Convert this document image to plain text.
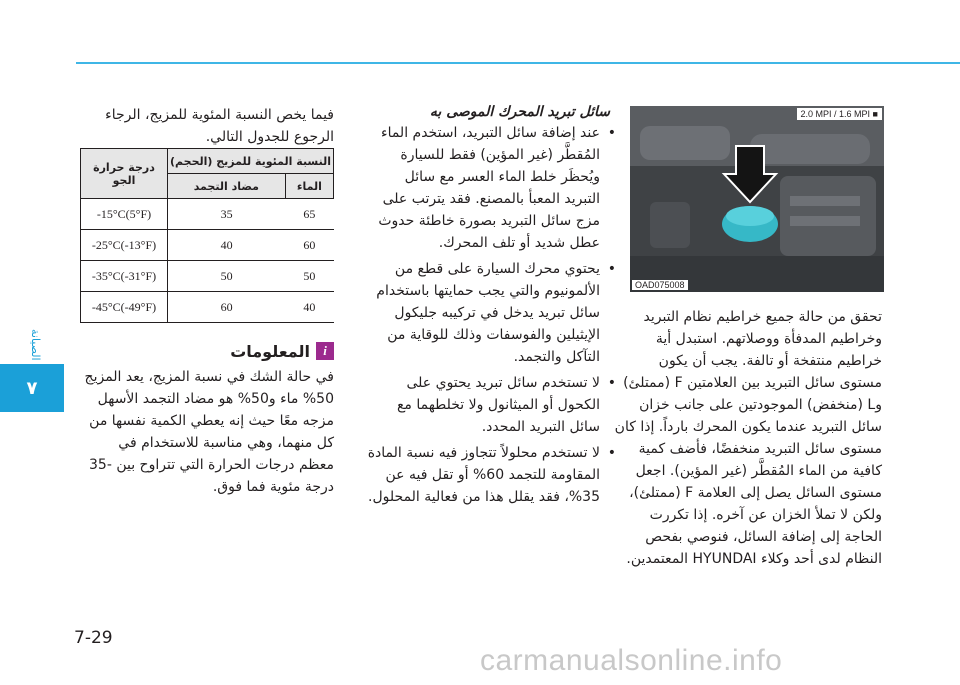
الصيانة
٧
7-29
carmanualsonline.info
2.0 MPI / 1.6 MPI ■
OAD075008

تحقق من حالة جميع خراطيم نظام التبريد وخراطيم المدفأة ووصلاتهم. استبدل أية خراطيم منتفخة أو تالفة. يجب أن يكون مستوى سائل التبريد بين العلامتين F (ممتلئ) وL (منخفض) الموجودتين على جانب خزان سائل التبريد عندما يكون المحرك بارداً. إذا كان مستوى سائل التبريد منخفضًا، فأضف كمية كافية من الماء المُقطَّر (غير المؤين). اجعل مستوى السائل يصل إلى العلامة F (ممتلئ)، ولكن لا تملأ الخزان عن آخره. إذا تكررت الحاجة إلى إضافة السائل، فنوصي بفحص النظام لدى أحد وكلاء HYUNDAI المعتمدين.

سائل تبريد المحرك الموصى به
• عند إضافة سائل التبريد، استخدم الماء المُقطَّر (غير المؤين) فقط للسيارة ويُحظَر خلط الماء العسر مع سائل التبريد المعبأ بالمصنع. فقد يترتب على مزج سائل التبريد بصورة خاطئة حدوث عطل شديد أو تلف المحرك.
• يحتوي محرك السيارة على قطع من الألمونيوم والتي يجب حمايتها باستخدام سائل تبريد يدخل في تركيبه جليكول الإيثيلين والفوسفات وذلك للوقاية من التآكل والتجمد.
• لا تستخدم سائل تبريد يحتوي على الكحول أو الميثانول ولا تخلطهما مع سائل التبريد المحدد.
• لا تستخدم محلولاً تتجاوز فيه نسبة المادة المقاومة للتجمد 60% أو تقل فيه عن 35%، فقد يقلل هذا من فعالية المحلول.

فيما يخص النسبة المئوية للمزيج، الرجاء الرجوع للجدول التالي.

درجة حرارة الجو	النسبة المئوية للمزيج (الحجم)	
	مضاد التجمد	الماء
-15°C(5°F)	35	65
-25°C(-13°F)	40	60
-35°C(-31°F)	50	50
-45°C(-49°F)	60	40
i
المعلومات

في حالة الشك في نسبة المزيج، يعد المزيج 50% ماء و50% هو مضاد التجمد الأسهل مزجه معًا حيث إنه يعطي الكمية نفسها من كل منهما، وهي مناسبة للاستخدام في معظم درجات الحرارة التي تتراوح بين -35 درجة مئوية فما فوق.
